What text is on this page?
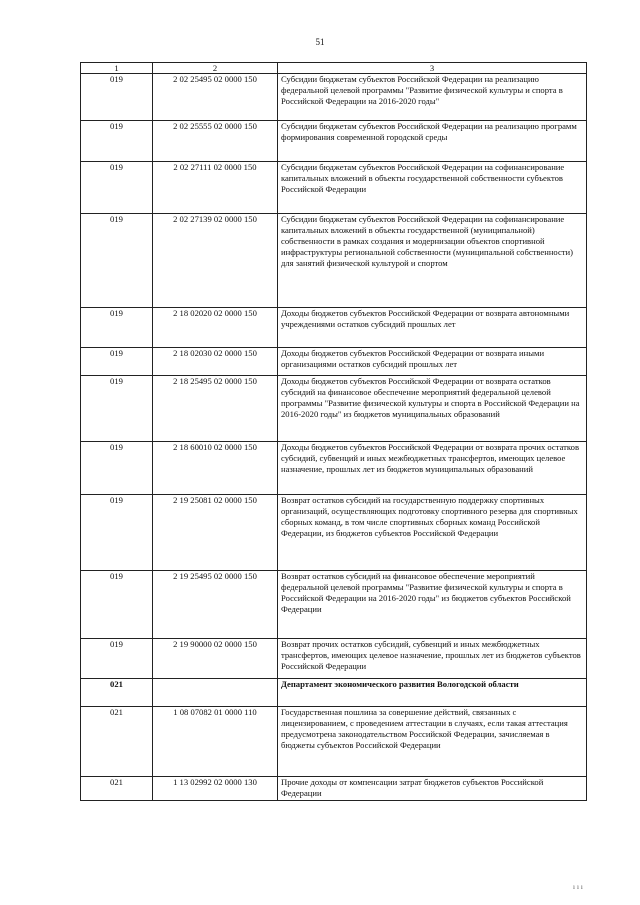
51
1	2	3
019	2 02 25495 02 0000 150	Субсидии бюджетам субъектов Российской Федерации на реализацию федеральной целевой программы "Развитие физической культуры и спорта в Российской Федерации на 2016-2020 годы"
019	2 02 25555 02 0000 150	Субсидии бюджетам субъектов Российской Федерации на реализацию программ формирования современной городской среды
019	2 02 27111 02 0000 150	Субсидии бюджетам субъектов Российской Федерации на софинансирование капитальных вложений в объекты государственной собственности субъектов Российской Федерации
019	2 02 27139 02 0000 150	Субсидии бюджетам субъектов Российской Федерации на софинансирование капитальных вложений в объекты государственной (муниципальной) собственности в рамках создания и модернизации объектов спортивной инфраструктуры региональной собственности (муниципальной собственности) для занятий физической культурой и спортом
019	2 18 02020 02 0000 150	Доходы бюджетов субъектов Российской Федерации от возврата автономными учреждениями остатков субсидий прошлых лет
019	2 18 02030 02 0000 150	Доходы бюджетов субъектов Российской Федерации от возврата иными организациями остатков субсидий прошлых лет
019	2 18 25495 02 0000 150	Доходы бюджетов субъектов Российской Федерации от возврата остатков субсидий на финансовое обеспечение мероприятий федеральной целевой программы "Развитие физической культуры и спорта в Российской Федерации на 2016-2020 годы" из бюджетов муниципальных образований
019	2 18 60010 02 0000 150	Доходы бюджетов субъектов Российской Федерации от возврата прочих остатков субсидий, субвенций и иных межбюджетных трансфертов, имеющих целевое назначение, прошлых лет из бюджетов муниципальных образований
019	2 19 25081 02 0000 150	Возврат остатков субсидий на государственную поддержку спортивных организаций, осуществляющих подготовку спортивного резерва для спортивных сборных команд, в том числе спортивных сборных команд Российской Федерации, из бюджетов субъектов Российской Федерации
019	2 19 25495 02 0000 150	Возврат остатков субсидий на финансовое обеспечение мероприятий федеральной целевой программы "Развитие физической культуры и спорта в Российской Федерации на 2016-2020 годы" из бюджетов субъектов Российской Федерации
019	2 19 90000 02 0000 150	Возврат прочих остатков субсидий, субвенций и иных межбюджетных трансфертов, имеющих целевое назначение, прошлых лет из бюджетов субъектов Российской Федерации
021		Департамент экономического развития Вологодской области
021	1 08 07082 01 0000 110	Государственная пошлина за совершение действий, связанных с лицензированием, с проведением аттестации в случаях, если такая аттестация предусмотрена законодательством Российской Федерации, зачисляемая в бюджеты субъектов Российской Федерации
021	1 13 02992 02 0000 130	Прочие доходы от компенсации затрат бюджетов субъектов Российской Федерации
ııı
